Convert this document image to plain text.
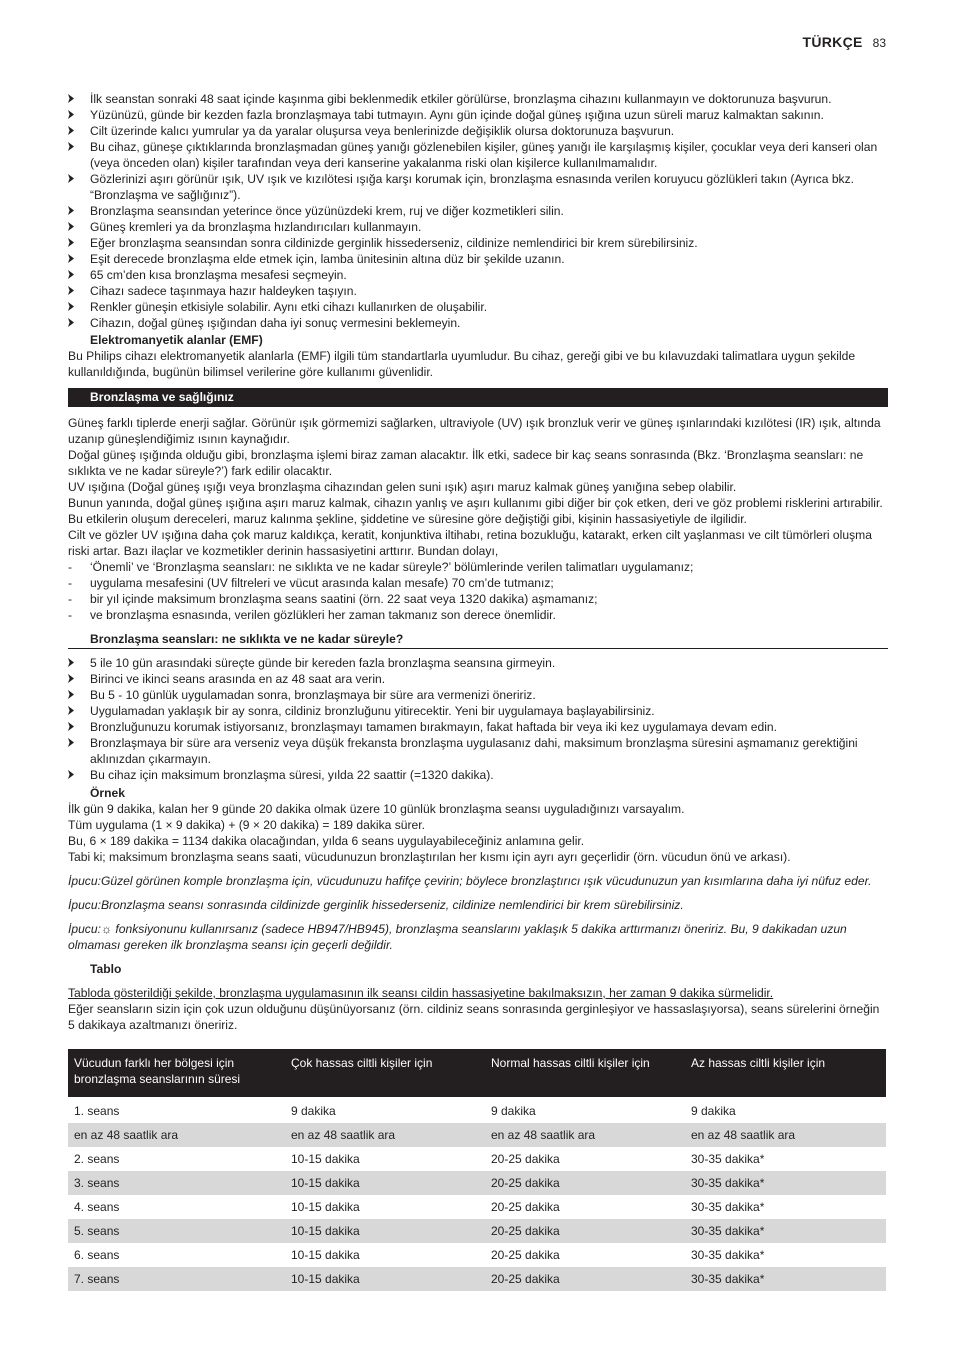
TÜRKÇE 83
İlk seanstan sonraki 48 saat içinde kaşınma gibi beklenmedik etkiler görülürse, bronzlaşma cihazını kullanmayın ve doktorunuza başvurun.
Yüzünüzü, günde bir kezden fazla bronzlaşmaya tabi tutmayın. Aynı gün içinde doğal güneş ışığına uzun süreli maruz kalmaktan sakının.
Cilt üzerinde kalıcı yumrular ya da yaralar oluşursa veya benlerinizde değişiklik olursa doktorunuza başvurun.
Bu cihaz, güneşe çıktıklarında bronzlaşmadan güneş yanığı gözlenebilen kişiler, güneş yanığı ile karşılaşmış kişiler, çocuklar veya deri kanseri olan (veya önceden olan) kişiler tarafından veya deri kanserine yakalanma riski olan kişilerce kullanılmamalıdır.
Gözlerinizi aşırı görünür ışık, UV ışık ve kızılötesi ışığa karşı korumak için, bronzlaşma esnasında verilen koruyucu gözlükleri takın (Ayrıca bkz. “Bronzlaşma ve sağlığınız”).
Bronzlaşma seansından yeterince önce yüzünüzdeki krem, ruj ve diğer kozmetikleri silin.
Güneş kremleri ya da bronzlaşma hızlandırıcıları kullanmayın.
Eğer bronzlaşma seansından sonra cildinizde gerginlik hissederseniz, cildinize nemlendirici bir krem sürebilirsiniz.
Eşit derecede bronzlaşma elde etmek için, lamba ünitesinin altına düz bir şekilde uzanın.
65 cm’den kısa bronzlaşma mesafesi seçmeyin.
Cihazı sadece taşınmaya hazır haldeyken taşıyın.
Renkler güneşin etkisiyle solabilir. Aynı etki cihazı kullanırken de oluşabilir.
Cihazın, doğal güneş ışığından daha iyi sonuç vermesini beklemeyin.
Elektromanyetik alanlar (EMF)

Bu Philips cihazı elektromanyetik alanlarla (EMF) ilgili tüm standartlarla uyumludur. Bu cihaz, gereği gibi ve bu kılavuzdaki talimatlara uygun şekilde kullanıldığında, bugünün bilimsel verilerine göre kullanımı güvenlidir.

Bronzlaşma ve sağlığınız

Güneş farklı tiplerde enerji sağlar. Görünür ışık görmemizi sağlarken, ultraviyole (UV) ışık bronzluk verir ve güneş ışınlarındaki kızılötesi (IR) ışık, altında uzanıp güneşlendiğimiz ısının kaynağıdır.

Doğal güneş ışığında olduğu gibi, bronzlaşma işlemi biraz zaman alacaktır. İlk etki, sadece bir kaç seans sonrasında (Bkz. ‘Bronzlaşma seansları: ne sıklıkta ve ne kadar süreyle?’) fark edilir olacaktır.

UV ışığına (Doğal güneş ışığı veya bronzlaşma cihazından gelen suni ışık) aşırı maruz kalmak güneş yanığına sebep olabilir.

Bunun yanında, doğal güneş ışığına aşırı maruz kalmak, cihazın yanlış ve aşırı kullanımı gibi diğer bir çok etken, deri ve göz problemi risklerini artırabilir. Bu etkilerin oluşum dereceleri, maruz kalınma şekline, şiddetine ve süresine göre değiştiği gibi, kişinin hassasiyetiyle de ilgilidir.

Cilt ve gözler UV ışığına daha çok maruz kaldıkça, keratit, konjunktiva iltihabı, retina bozukluğu, katarakt, erken cilt yaşlanması ve cilt tümörleri oluşma riski artar. Bazı ilaçlar ve kozmetikler derinin hassasiyetini arttırır. Bundan dolayı,

- ‘Önemli’ ve ‘Bronzlaşma seansları: ne sıklıkta ve ne kadar süreyle?’ bölümlerinde verilen talimatları uygulamanız;
- uygulama mesafesini (UV filtreleri ve vücut arasında kalan mesafe) 70 cm’de tutmanız;
- bir yıl içinde maksimum bronzlaşma seans saatini (örn. 22 saat veya 1320 dakika) aşmamanız;
- ve bronzlaşma esnasında, verilen gözlükleri her zaman takmanız son derece önemlidir.
Bronzlaşma seansları: ne sıklıkta ve ne kadar süreyle?
5 ile 10 gün arasındaki süreçte günde bir kereden fazla bronzlaşma seansına girmeyin.
Birinci ve ikinci seans arasında en az 48 saat ara verin.
Bu 5 - 10 günlük uygulamadan sonra, bronzlaşmaya bir süre ara vermenizi öneririz.
Uygulamadan yaklaşık bir ay sonra, cildiniz bronzluğunu yitirecektir. Yeni bir uygulamaya başlayabilirsiniz.
Bronzluğunuzu korumak istiyorsanız, bronzlaşmayı tamamen bırakmayın, fakat haftada bir veya iki kez uygulamaya devam edin.
Bronzlaşmaya bir süre ara verseniz veya düşük frekansta bronzlaşma uygulasanız dahi, maksimum bronzlaşma süresini aşmamanız gerektiğini aklınızdan çıkarmayın.
Bu cihaz için maksimum bronzlaşma süresi, yılda 22 saattir (=1320 dakika).
Örnek

İlk gün 9 dakika, kalan her 9 günde 20 dakika olmak üzere 10 günlük bronzlaşma seansı uyguladığınızı varsayalım.

Tüm uygulama (1 × 9 dakika) + (9 × 20 dakika) = 189 dakika sürer.

Bu, 6 × 189 dakika = 1134 dakika olacağından, yılda 6 seans uygulayabileceğiniz anlamına gelir.

Tabi ki; maksimum bronzlaşma seans saati, vücudunuzun bronzlaştırılan her kısmı için ayrı ayrı geçerlidir (örn. vücudun önü ve arkası).

İpucu:Güzel görünen komple bronzlaşma için, vücudunuzu hafifçe çevirin; böylece bronzlaştırıcı ışık vücudunuzun yan kısımlarına daha iyi nüfuz eder.

İpucu:Bronzlaşma seansı sonrasında cildinizde gerginlik hissederseniz, cildinize nemlendirici bir krem sürebilirsiniz.

İpucu:☼ fonksiyonunu kullanırsanız (sadece HB947/HB945), bronzlaşma seanslarını yaklaşık 5 dakika arttırmanızı öneririz. Bu, 9 dakikadan uzun olmaması gereken ilk bronzlaşma seansı için geçerli değildir.

Tablo

Tabloda gösterildiği şekilde, bronzlaşma uygulamasının ilk seansı cildin hassasiyetine bakılmaksızın, her zaman 9 dakika sürmelidir.

Eğer seansların sizin için çok uzun olduğunu düşünüyorsanız (örn. cildiniz seans sonrasında gerginleşiyor ve hassaslaşıyorsa), seans sürelerini örneğin 5 dakikaya azaltmanızı öneririz.

Vücudun farklı her bölgesi için bronzlaşma seanslarının süresi	Çok hassas ciltli kişiler için	Normal hassas ciltli kişiler için	Az hassas ciltli kişiler için
1. seans	9 dakika	9 dakika	9 dakika
en az 48 saatlik ara	en az 48 saatlik ara	en az 48 saatlik ara	en az 48 saatlik ara
2. seans	10-15 dakika	20-25 dakika	30-35 dakika*
3. seans	10-15 dakika	20-25 dakika	30-35 dakika*
4. seans	10-15 dakika	20-25 dakika	30-35 dakika*
5. seans	10-15 dakika	20-25 dakika	30-35 dakika*
6. seans	10-15 dakika	20-25 dakika	30-35 dakika*
7. seans	10-15 dakika	20-25 dakika	30-35 dakika*
